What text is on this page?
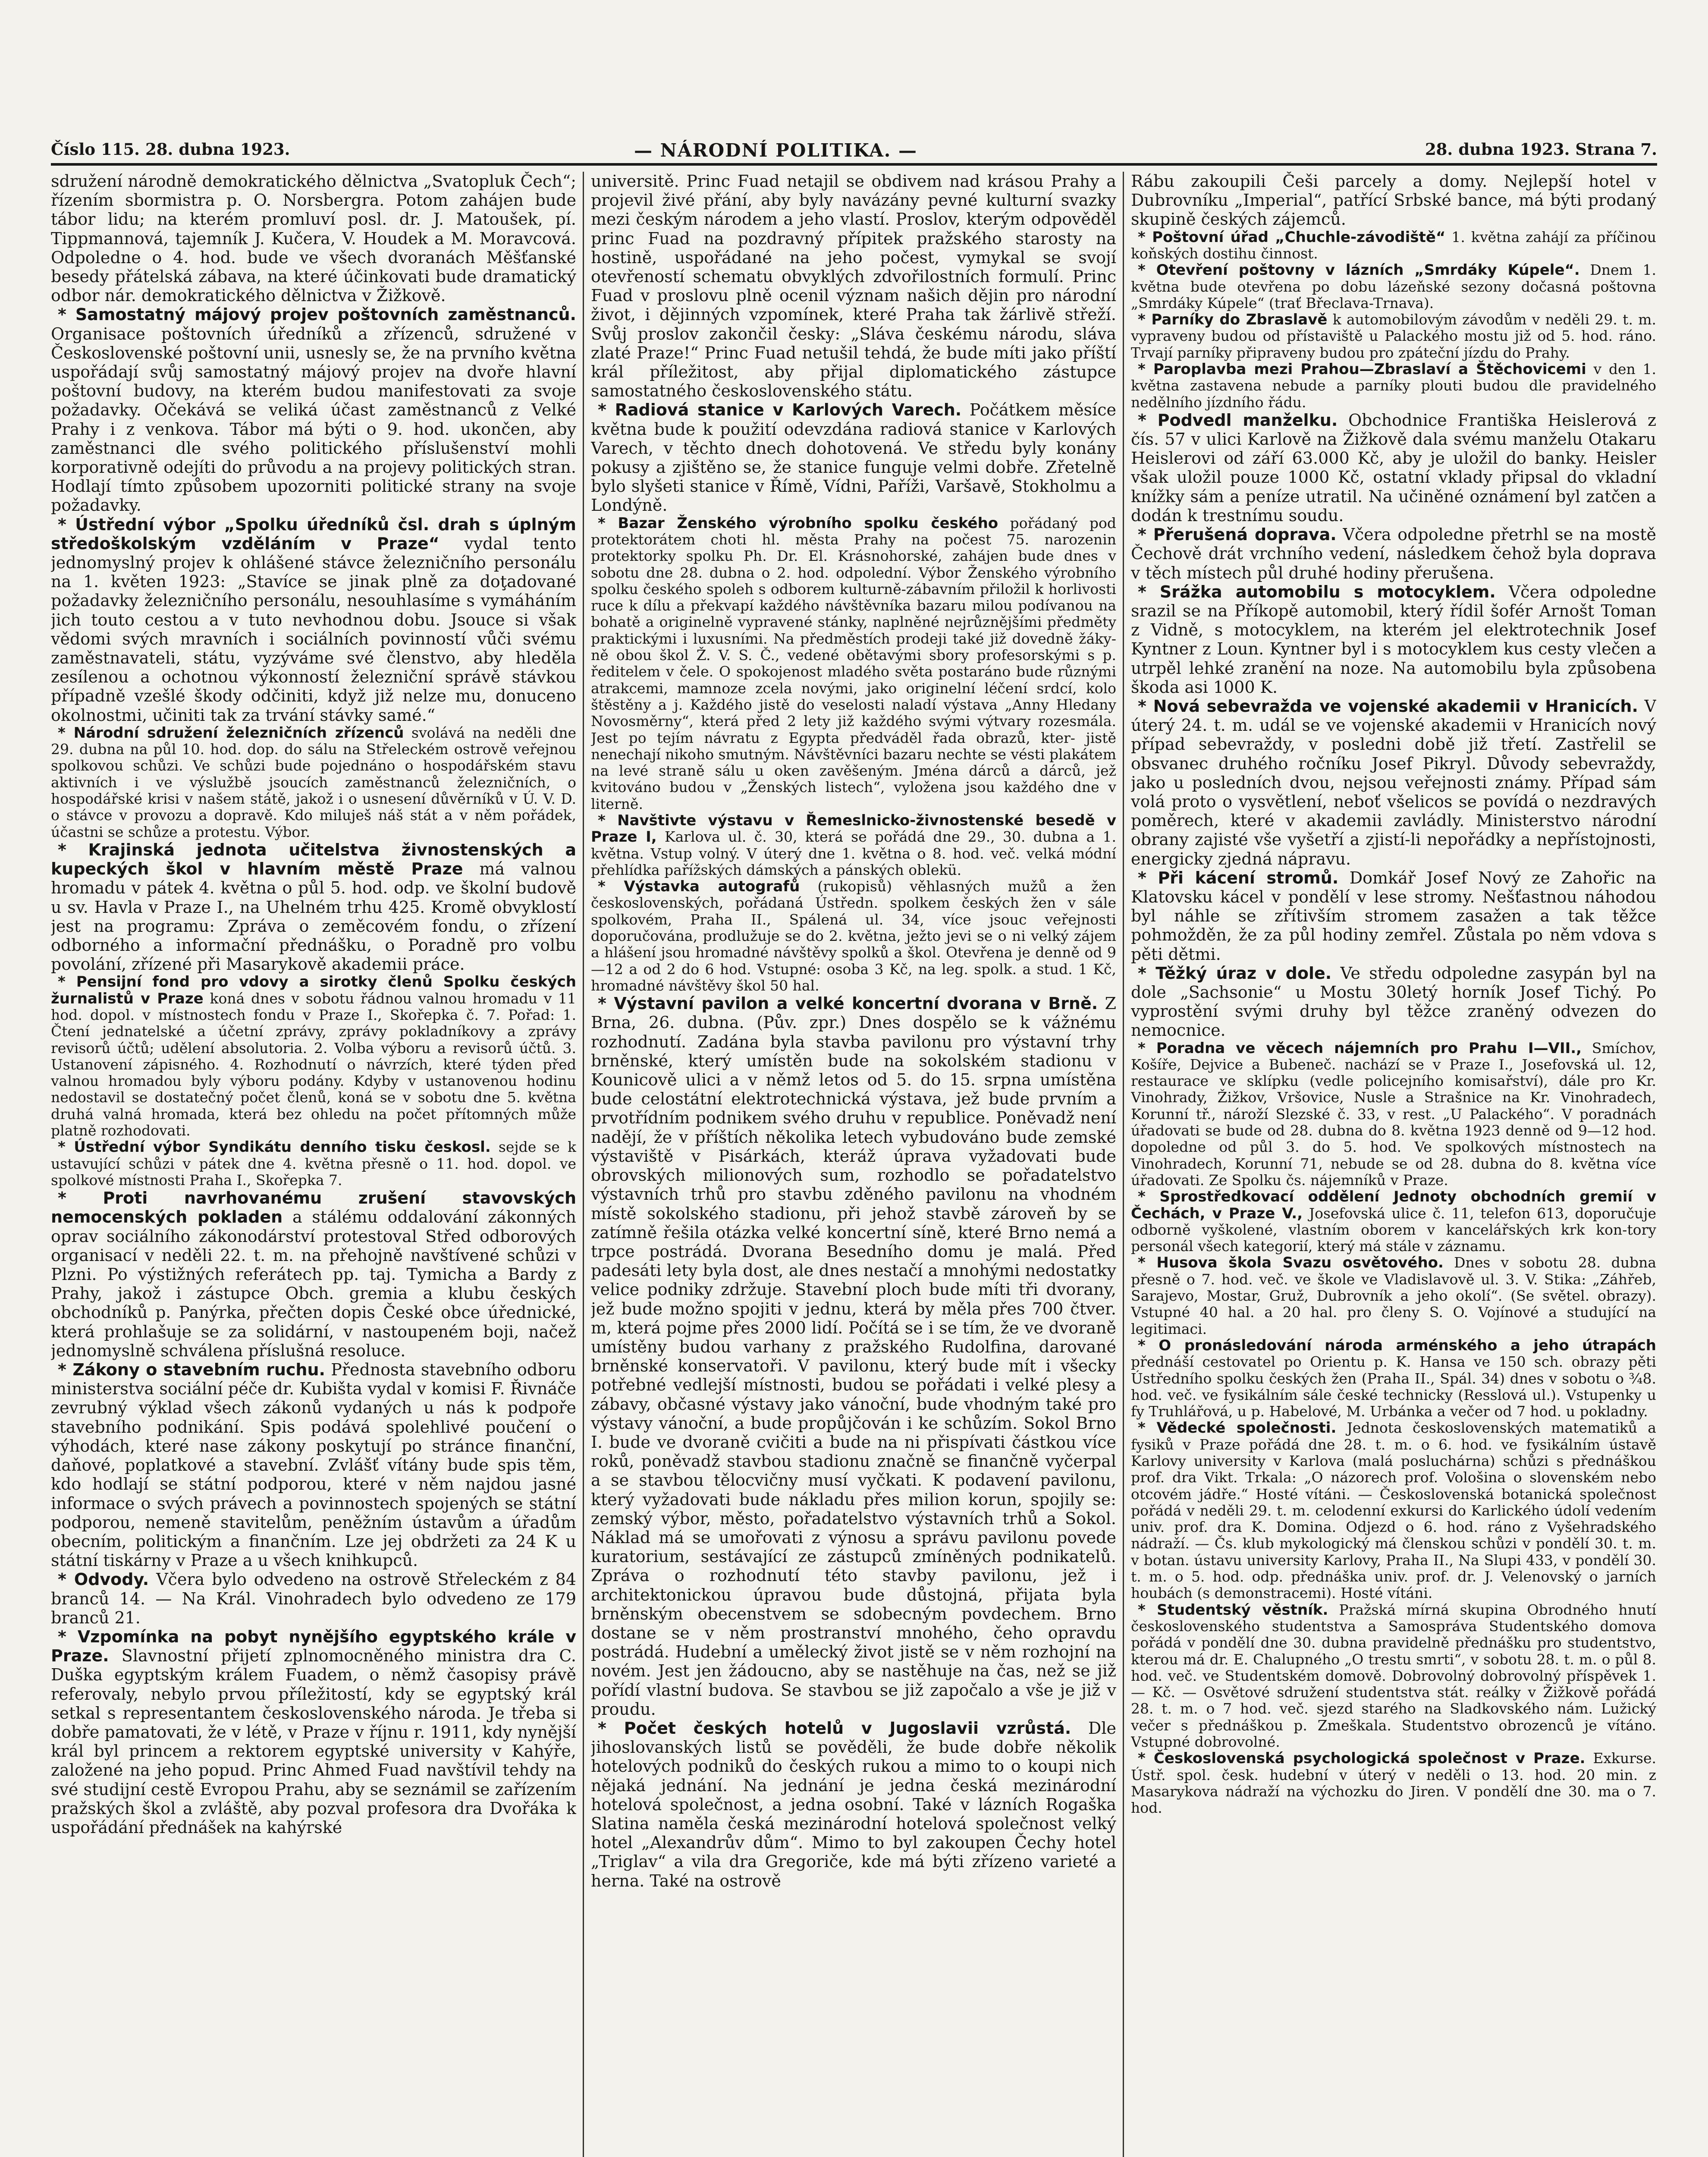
Číslo 115. 28. dubna 1923.	— NÁRODNÍ POLITIKA. —	28. dubna 1923. Strana 7.

sdružení národně demokratického dělnictva „Svatopluk Čech“; řízením sbormistra p. O. Norsbergra. Potom zahájen bude tábor lidu; na kterém promluví posl. dr. J. Matoušek, pí. Tippmannová, tajemník J. Kučera, V. Houdek a M. Moravcová. Odpoledne o 4. hod. bude ve všech dvoranách Měšťanské besedy přátelská zábava, na které účinkovati bude dramatický odbor nár. demokratického dělnictva v Žižkově.

* Samostatný májový projev poštovních zaměstnanců. Organisace poštovních úředníků a zřízenců, sdružené v Československé poštovní unii, usnesly se, že na prvního května uspořádají svůj samostatný májový projev na dvoře hlavní poštovní budovy, na kterém budou manifestovati za svoje požadavky. Očekává se veliká účast zaměstnanců z Velké Prahy i z venkova. Tábor má býti o 9. hod. ukončen, aby zaměstnanci dle svého politického příslušenství mohli korporativně odejíti do průvodu a na projevy politických stran. Hodlají tímto způsobem upozorniti politické strany na svoje požadavky.

* Ústřední výbor „Spolku úředníků čsl. drah s úplným středoškolským vzděláním v Praze“ vydal tento jednomyslný projev k ohlášené stávce železničního personálu na 1. květen 1923: „Stavíce se jinak plně za doţadované požadavky železničního personálu, nesouhlasíme s vymáháním jich touto cestou a v tuto nevhodnou dobu. Jsouce si však vědomi svých mravních i sociálních povinností vůči svému zaměstnavateli, státu, vyzýváme své členstvo, aby hleděla zesílenou a ochotnou výkonností železniční správě stávkou případně vzešlé škody odčiniti, když již nelze mu, donuceno okolnostmi, učiniti tak za trvání stávky samé.“

* Národní sdružení železničních zřízenců svolává na neděli dne 29. dubna na půl 10. hod. dop. do sálu na Střeleckém ostrově veřejnou spolkovou schůzi. Ve schůzi bude pojednáno o hospodářském stavu aktivních i ve výslužbě jsoucích zaměstnanců železničních, o hospodářské krisi v našem státě, jakož i o usnesení důvěrníků v Ú. V. D. o stávce v provozu a dopravě. Kdo miluješ náš stát a v něm pořádek, účastni se schůze a protestu. Výbor.

* Krajinská jednota učitelstva živnostenských a kupeckých škol v hlavním městě Praze má valnou hromadu v pátek 4. května o půl 5. hod. odp. ve školní budově u sv. Havla v Praze I., na Uhelném trhu 425. Kromě obvyklostí jest na programu: Zpráva o zeměcovém fondu, o zřízení odborného a informační přednášku, o Poradně pro volbu povolání, zřízené při Masarykově akademii práce.

* Pensijní fond pro vdovy a sirotky členů Spolku českých žurnalistů v Praze koná dnes v sobotu řádnou valnou hromadu v 11 hod. dopol. v místnostech fondu v Praze I., Skořepka č. 7. Pořad: 1. Čtení jednatelské a účetní zprávy, zprávy pokladníkovy a zprávy revisorů účtů; udělení absolutoria. 2. Volba výboru a revisorů účtů. 3. Ustanovení zápisného. 4. Rozhodnutí o návrzích, které týden před valnou hromadou byly výboru podány. Kdyby v ustanovenou hodinu nedostavil se dostatečný počet členů, koná se v sobotu dne 5. května druhá valná hromada, která bez ohledu na počet přítomných může platně rozhodovati.

* Ústřední výbor Syndikátu denního tisku českosl. sejde se k ustavující schůzi v pátek dne 4. května přesně o 11. hod. dopol. ve spolkové místnosti Praha I., Skořepka 7.

* Proti navrhovanému zrušení stavovských nemocenských pokladen a stálému oddalování zákonných oprav sociálního zákonodárství protestoval Střed odborových organisací v neděli 22. t. m. na přehojně navštívené schůzi v Plzni. Po výstižných referátech pp. taj. Tymicha a Bardy z Prahy, jakož i zástupce Obch. gremia a klubu českých obchodníků p. Panýrka, přečten dopis České obce úřednické, která prohlašuje se za solidární, v nastoupeném boji, načež jednomyslně schválena příslušná resoluce.

* Zákony o stavebním ruchu. Přednosta stavebního odboru ministerstva sociální péče dr. Kubišta vydal v komisi F. Řivnáče zevrubný výklad všech zákonů vydaných u nás k podpoře stavebního podnikání. Spis podává spolehlivé poučení o výhodách, které nase zákony poskytují po stránce finanční, daňové, poplatkové a stavební. Zvlášť vítány bude spis těm, kdo hodlají se státní podporou, které v něm najdou jasné informace o svých právech a povinnostech spojených se státní podporou, nemeně stavitelům, peněžním ústavům a úřadům obecním, politickým a finančním. Lze jej obdržeti za 24 K u státní tiskárny v Praze a u všech knihkupců.

* Odvody. Včera bylo odvedeno na ostrově Střeleckém z 84 branců 14. — Na Král. Vinohradech bylo odvedeno ze 179 branců 21.

* Vzpomínka na pobyt nynějšího egyptského krále v Praze. Slavnostní přijetí zplnomocněného ministra dra C. Duška egyptským králem Fuadem, o němž časopisy právě referovaly, nebylo prvou příležitostí, kdy se egyptský král setkal s representantem československého národa. Je třeba si dobře pamatovati, že v létě, v Praze v říjnu r. 1911, kdy nynější král byl princem a rektorem egyptské university v Kahýře, založené na jeho popud. Princ Ahmed Fuad navštívil tehdy na své studijní cestě Evropou Prahu, aby se seznámil se zařízením pražských škol a zvláště, aby pozval profesora dra Dvořáka k uspořádání přednášek na kahýrské

universitě. Princ Fuad netajil se obdivem nad krásou Prahy a projevil živé přání, aby byly navázány pevné kulturní svazky mezi českým národem a jeho vlastí. Proslov, kterým odpověděl princ Fuad na pozdravný přípitek pražského starosty na hostině, uspořádané na jeho počest, vymykal se svojí otevřeností schematu obvyklých zdvořilostních formulí. Princ Fuad v proslovu plně ocenil význam našich dějin pro národní život, i dějinných vzpomínek, které Praha tak žárlivě střeží. Svůj proslov zakončil česky: „Sláva českému národu, sláva zlaté Praze!“ Princ Fuad netušil tehdá, že bude míti jako příští král příležitost, aby přijal diplomatického zástupce samostatného československého státu.

* Radiová stanice v Karlových Varech. Počátkem měsíce května bude k použití odevzdána radiová stanice v Karlových Varech, v těchto dnech dohotovená. Ve středu byly konány pokusy a zjištěno se, že stanice funguje velmi dobře. Zřetelně bylo slyšeti stanice v Římě, Vídni, Paříži, Varšavě, Stokholmu a Londýně.

* Bazar Ženského výrobního spolku českého pořádaný pod protektorátem choti hl. města Prahy na počest 75. narozenin protektorky spolku Ph. Dr. El. Krásnohorské, zahájen bude dnes v sobotu dne 28. dubna o 2. hod. odpolední. Výbor Ženského výrobního spolku českého spoleh s odborem kulturně-zábavním přiložil k horlivosti ruce k dílu a překvapí každého návštěvníka bazaru milou podívanou na bohatě a originelně vypravené stánky, naplněné nejrůznějšími předměty praktickými i luxusními. Na předměstích prodeji také již dovedně žáky-ně obou škol Ž. V. S. Č., vedené obětavými sbory profesorskými s p. ředitelem v čele. O spokojenost mladého světa postaráno bude různými atrakcemi, mamnoze zcela novými, jako originelní léčení srdcí, kolo štěstěny a j. Každého jistě do veselosti naladí výstava „Anny Hledany Novosměrny“, která před 2 lety již každého svými výtvary rozesmála. Jest po tejím návratu z Egypta předváděl řada obrazů, kter- jistě nenechají nikoho smutným. Návštěvníci bazaru nechte se vésti plakátem na levé straně sálu u oken zavěšeným. Jména dárců a dárců, jež kvitováno budou v „Ženských listech“, vyložena jsou každého dne v literně.

* Navštivte výstavu v Řemeslnicko-živnostenské besedě v Praze I, Karlova ul. č. 30, která se pořádá dne 29., 30. dubna a 1. května. Vstup volný. V úterý dne 1. května o 8. hod. več. velká módní přehlídka pařížských dámských a pánských oblekü.

* Výstavka autografů (rukopisů) věhlasných mužů a žen československých, pořádaná Ústředn. spolkem českých žen v sále spolkovém, Praha II., Spálená ul. 34, více jsouc veřejnosti doporučována, prodlužuje se do 2. května, ježto jevi se o ni velký zájem a hlášení jsou hromadné návštěvy spolků a škol. Otevřena je denně od 9—12 a od 2 do 6 hod. Vstupné: osoba 3 Kč, na leg. spolk. a stud. 1 Kč, hromadné návštěvy škol 50 hal.

* Výstavní pavilon a velké koncertní dvorana v Brně. Z Brna, 26. dubna. (Pův. zpr.) Dnes dospělo se k vážnému rozhodnutí. Zadána byla stavba pavilonu pro výstavní trhy brněnské, který umístěn bude na sokolském stadionu v Kounicově ulici a v němž letos od 5. do 15. srpna umístěna bude celostátní elektrotechnická výstava, jež bude prvním a prvotřídním podnikem svého druhu v republice. Poněvadž není nadějí, že v příštích několika letech vybudováno bude zemské výstaviště v Pisárkách, kteráž úprava vyžadovati bude obrovských milionových sum, rozhodlo se pořadatelstvo výstavních trhů pro stavbu zděného pavilonu na vhodném místě sokolského stadionu, při jehož stavbě zároveň by se zatímně řešila otázka velké koncertní síně, které Brno nemá a trpce postrádá. Dvorana Besedního domu je malá. Před padesáti lety byla dost, ale dnes nestačí a mnohými nedostatky velice podniky zdržuje. Stavební ploch bude míti tři dvorany, jež bude možno spojiti v jednu, která by měla přes 700 čtver. m, která pojme přes 2000 lidí. Počítá se i se tím, že ve dvoraně umístěny budou varhany z pražského Rudolfina, darované brněnské konservatoři. V pavilonu, který bude mít i všecky potřebné vedlejší místnosti, budou se pořádati i velké plesy a zábavy, občasné výstavy jako vánoční, bude vhodným také pro výstavy vánoční, a bude propůjčován i ke schůzím. Sokol Brno I. bude ve dvoraně cvičiti a bude na ni přispívati částkou více roků, poněvadž stavbou stadionu značně se finančně vyčerpal a se stavbou tělocvičny musí vyčkati. K podavení pavilonu, který vyžadovati bude nákladu přes milion korun, spojily se: zemský výbor, město, pořadatelstvo výstavních trhů a Sokol. Náklad má se umořovati z výnosu a správu pavilonu povede kuratorium, sestávající ze zástupců zmíněných podnikatelů. Zpráva o rozhodnutí této stavby pavilonu, jež i architektonickou úpravou bude důstojná, přijata byla brněnským obecenstvem se sdobecným povdechem. Brno dostane se v něm prostranství mnohého, čeho opravdu postrádá. Hudební a umělecký život jistě se v něm rozhojní na novém. Jest jen žádoucno, aby se nastěhuje na čas, než se již pořídí vlastní budova. Se stavbou se již započalo a vše je již v proudu.

* Počet českých hotelů v Jugoslavii vzrůstá. Dle jihoslovanských listů se pověděli, že bude dobře několik hotelových podniků do českých rukou a mimo to o koupi nich nějaká jednání. Na jednání je jedna česká mezinárodní hotelová společnost, a jedna osobní. Také v lázních Rogaška Slatina naměla česká mezinárodní hotelová společnost velký hotel „Alexandrův dům“. Mimo to byl zakoupen Čechy hotel „Triglav“ a vila dra Gregoriče, kde má býti zřízeno varieté a herna. Také na ostrově

Rábu zakoupili Češi parcely a domy. Nejlepší hotel v Dubrovníku „Imperial“, patřící Srbské bance, má býti prodaný skupině českých zájemců.

* Poštovní úřad „Chuchle-závodiště“ 1. května zahájí za příčinou koňských dostihu činnost.

* Otevření poštovny v lázních „Smrdáky Kúpele“. Dnem 1. května bude otevřena po dobu lázeňské sezony dočasná poštovna „Smrdáky Kúpele“ (trať Břeclava-Trnava).

* Parníky do Zbraslavě k automobilovým závodům v neděli 29. t. m. vypraveny budou od přístaviště u Palackého mostu již od 5. hod. ráno. Trvají parníky připraveny budou pro zpáteční jízdu do Prahy.

* Paroplavba mezi Prahou—Zbraslaví a Štěchovicemi v den 1. května zastavena nebude a parníky plouti budou dle pravidelného nedělního jízdního řádu.

* Podvedl manželku. Obchodnice Františka Heislerová z čís. 57 v ulici Karlově na Žižkově dala svému manželu Otakaru Heislerovi od září 63.000 Kč, aby je uložil do banky. Heisler však uložil pouze 1000 Kč, ostatní vklady připsal do vkladní knížky sám a peníze utratil. Na učiněné oznámení byl zatčen a dodán k trestnímu soudu.

* Přerušená doprava. Včera odpoledne přetrhl se na mostě Čechově drát vrchního vedení, následkem čehož byla doprava v těch místech půl druhé hodiny přerušena.

* Srážka automobilu s motocyklem. Včera odpoledne srazil se na Příkopě automobil, který řídil šofér Arnošt Toman z Vidně, s motocyklem, na kterém jel elektrotechnik Josef Kyntner z Loun. Kyntner byl i s motocyklem kus cesty vlečen a utrpěl lehké zranění na noze. Na automobilu byla způsobena škoda asi 1000 K.

* Nová sebevražda ve vojenské akademii v Hranicích. V úterý 24. t. m. udál se ve vojenské akademii v Hranicích nový případ sebevraždy, v posledni době již třetí. Zastřelil se obsvanec druhého ročníku Josef Pikryl. Důvody sebevraždy, jako u posledních dvou, nejsou veřejnosti známy. Případ sám volá proto o vysvětlení, neboť všelicos se povídá o nezdravých poměrech, které v akademii zavládly. Ministerstvo národní obrany zajisté vše vyšetří a zjistí-li nepořádky a nepřístojnosti, energicky zjedná nápravu.

* Při kácení stromů. Domkář Josef Nový ze Zahořic na Klatovsku kácel v pondělí v lese stromy. Nešťastnou náhodou byl náhle se zřítivším stromem zasažen a tak těžce pohmožděn, že za půl hodiny zemřel. Zůstala po něm vdova s pěti dětmi.

* Těžký úraz v dole. Ve středu odpoledne zasypán byl na dole „Sachsonie“ u Mostu 30letý horník Josef Tichý. Po vyprostění svými druhy byl těžce zraněný odvezen do nemocnice.

* Poradna ve věcech nájemních pro Prahu I—VII., Smíchov, Košíře, Dejvice a Bubeneč. nachází se v Praze I., Josefovská ul. 12, restaurace ve sklípku (vedle policejního komisařství), dále pro Kr. Vinohrady, Žižkov, Vršovice, Nusle a Strašnice na Kr. Vinohradech, Korunní tř., nároží Slezské č. 33, v rest. „U Palackého“. V poradnách úřadovati se bude od 28. dubna do 8. května 1923 denně od 9—12 hod. dopoledne od půl 3. do 5. hod. Ve spolkových místnostech na Vinohradech, Korunní 71, nebude se od 28. dubna do 8. května více úřadovati. Ze Spolku čs. nájemníků v Praze.

* Sprostředkovací oddělení Jednoty obchodních gremií v Čechách, v Praze V., Josefovská ulice č. 11, telefon 613, doporučuje odborně vyškolené, vlastním oborem v kancelářských krk kon-tory personál všech kategorií, který má stále v záznamu.

* Husova škola Svazu osvětového. Dnes v sobotu 28. dubna přesně o 7. hod. več. ve škole ve Vladislavově ul. 3. V. Stika: „Záhřeb, Sarajevo, Mostar, Gruž, Dubrovník a jeho okolí“. (Se světel. obrazy). Vstupné 40 hal. a 20 hal. pro členy S. O. Vojínové a studující na legitimaci.

* O pronásledování národa arménského a jeho útrapách přednáší cestovatel po Orientu p. K. Hansa ve 150 sch. obrazy pěti Ústředního spolku českých žen (Praha II., Spál. 34) dnes v sobotu o ¾8. hod. več. ve fysikálním sále české technicky (Resslová ul.). Vstupenky u fy Truhlářová, u p. Habelové, M. Urbánka a večer od 7 hod. u pokladny.

* Vědecké společnosti. Jednota československých matematiků a fysiků v Praze pořádá dne 28. t. m. o 6. hod. ve fysikálním ústavě Karlovy university v Karlova (malá posluchárna) schůzi s přednáškou prof. dra Vikt. Trkala: „O názorech prof. Vološina o slovenském nebo otcovém jádře.“ Hosté vítáni. — Československá botanická společnost pořádá v neděli 29. t. m. celodenní exkursi do Karlického údolí vedením univ. prof. dra K. Domina. Odjezd o 6. hod. ráno z Vyšehradského nádraží. — Čs. klub mykologický má členskou schůzi v pondělí 30. t. m. v botan. ústavu university Karlovy, Praha II., Na Slupi 433, v pondělí 30. t. m. o 5. hod. odp. přednáška univ. prof. dr. J. Velenovský o jarních houbách (s demonstracemi). Hosté vítáni.

* Studentský věstník. Pražská mírná skupina Obrodného hnutí československého studentstva a Samospráva Studentského domova pořádá v pondělí dne 30. dubna pravidelně přednášku pro studentstvo, kterou má dr. E. Chalupného „O trestu smrti“, v sobotu 28. t. m. o půl 8. hod. več. ve Studentském domově. Dobrovolný dobrovolný příspěvek 1.— Kč. — Osvětové sdružení studentstva stát. reálky v Žižkově pořádá 28. t. m. o 7 hod. več. sjezd starého na Sladkovského nám. Lužický večer s přednáškou p. Zmeškala. Studentstvo obrozenců je vítáno. Vstupné dobrovolné.

* Československá psychologická společnost v Praze. Exkurse. Ústř. spol. česk. hudební v úterý v neděli o 13. hod. 20 min. z Masarykova nádraží na výchozku do Jiren. V pondělí dne 30. ma o 7. hod.
